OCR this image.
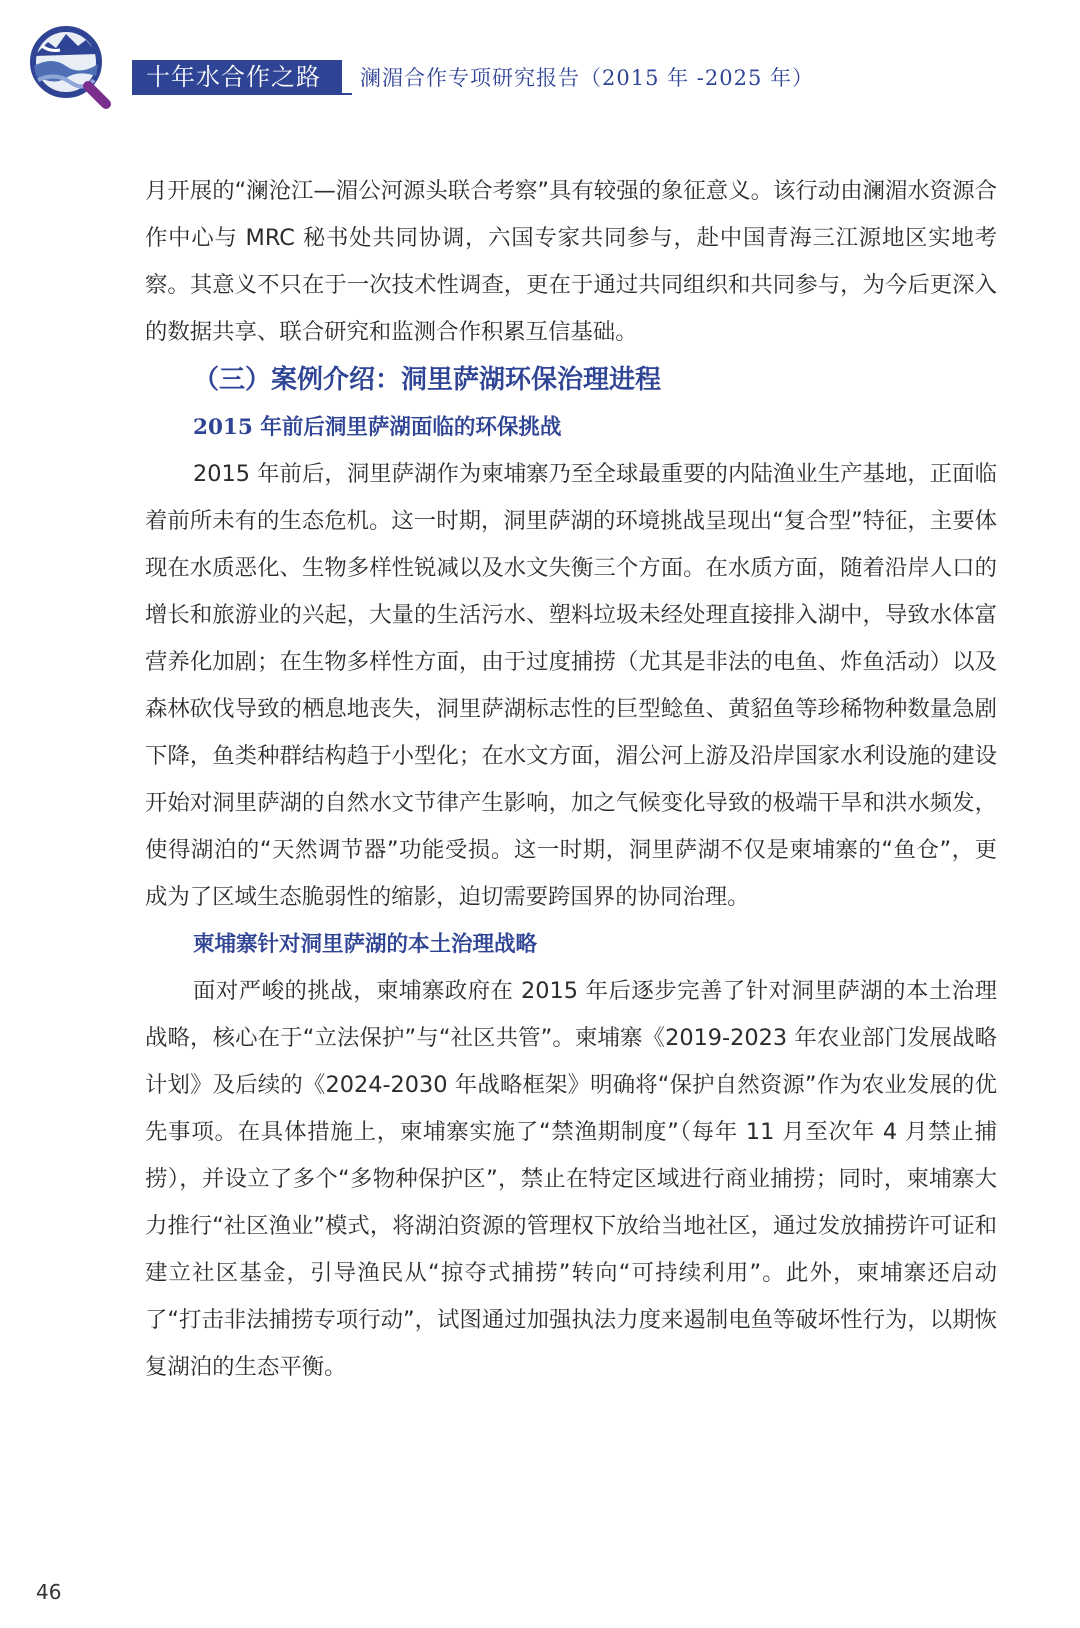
十年水合作之路	澜湄合作专项研究报告（2015 年 -2025 年）

月开展的“澜沧江—湄公河源头联合考察”具有较强的象征意义。该行动由澜湄水资源合作中心与 MRC 秘书处共同协调，六国专家共同参与，赴中国青海三江源地区实地考察。其意义不只在于一次技术性调查，更在于通过共同组织和共同参与，为今后更深入的数据共享、联合研究和监测合作积累互信基础。

（三）案例介绍：洞里萨湖环保治理进程
2015 年前后洞里萨湖面临的环保挑战

2015 年前后，洞里萨湖作为柬埔寨乃至全球最重要的内陆渔业生产基地，正面临着前所未有的生态危机。这一时期，洞里萨湖的环境挑战呈现出“复合型”特征，主要体现在水质恶化、生物多样性锐减以及水文失衡三个方面。在水质方面，随着沿岸人口的增长和旅游业的兴起，大量的生活污水、塑料垃圾未经处理直接排入湖中，导致水体富营养化加剧；在生物多样性方面，由于过度捕捞（尤其是非法的电鱼、炸鱼活动）以及森林砍伐导致的栖息地丧失，洞里萨湖标志性的巨型鲶鱼、黄貂鱼等珍稀物种数量急剧下降，鱼类种群结构趋于小型化；在水文方面，湄公河上游及沿岸国家水利设施的建设开始对洞里萨湖的自然水文节律产生影响，加之气候变化导致的极端干旱和洪水频发，使得湖泊的“天然调节器”功能受损。这一时期，洞里萨湖不仅是柬埔寨的“鱼仓”，更成为了区域生态脆弱性的缩影，迫切需要跨国界的协同治理。

柬埔寨针对洞里萨湖的本土治理战略

面对严峻的挑战，柬埔寨政府在 2015 年后逐步完善了针对洞里萨湖的本土治理战略，核心在于“立法保护”与“社区共管”。柬埔寨《2019-2023 年农业部门发展战略计划》及后续的《2024-2030 年战略框架》明确将“保护自然资源”作为农业发展的优先事项。在具体措施上，柬埔寨实施了“禁渔期制度”（每年 11 月至次年 4 月禁止捕捞），并设立了多个“多物种保护区”，禁止在特定区域进行商业捕捞；同时，柬埔寨大力推行“社区渔业”模式，将湖泊资源的管理权下放给当地社区，通过发放捕捞许可证和建立社区基金，引导渔民从“掠夺式捕捞”转向“可持续利用”。此外，柬埔寨还启动了“打击非法捕捞专项行动”，试图通过加强执法力度来遏制电鱼等破坏性行为，以期恢复湖泊的生态平衡。

46
